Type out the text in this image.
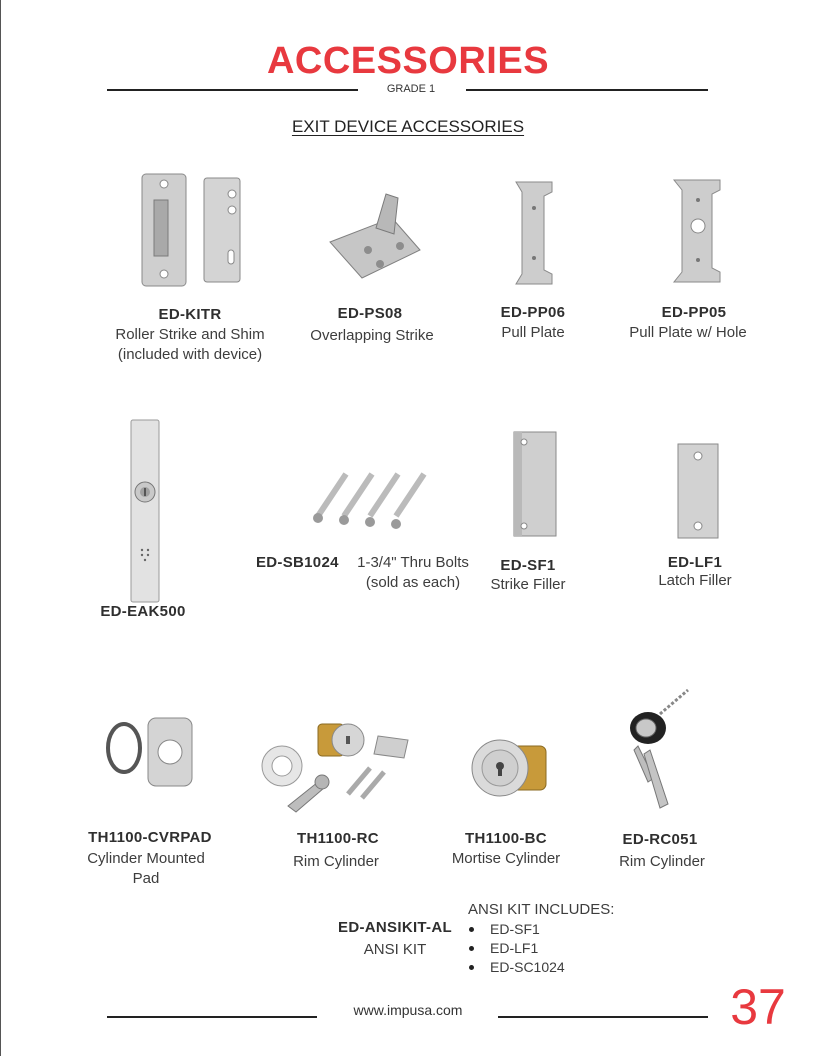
ACCESSORIES
GRADE 1
EXIT DEVICE ACCESSORIES
ED-KITR
Roller Strike and Shim
(included with device)
ED-PS08
Overlapping Strike
ED-PP06
Pull Plate
ED-PP05
Pull Plate w/ Hole
ED-EAK500
ED-SB1024	1-3/4" Thru Bolts
(sold as each)
ED-SF1
Strike Filler
ED-LF1
Latch Filler
TH1100-CVRPAD
Cylinder Mounted
Pad
TH1100-RC
Rim Cylinder
TH1100-BC
Mortise Cylinder
ED-RC051
Rim Cylinder
ED-ANSIKIT-AL
ANSI KIT
ANSI KIT INCLUDES:
ED-SF1
ED-LF1
ED-SC1024
www.impusa.com	37
